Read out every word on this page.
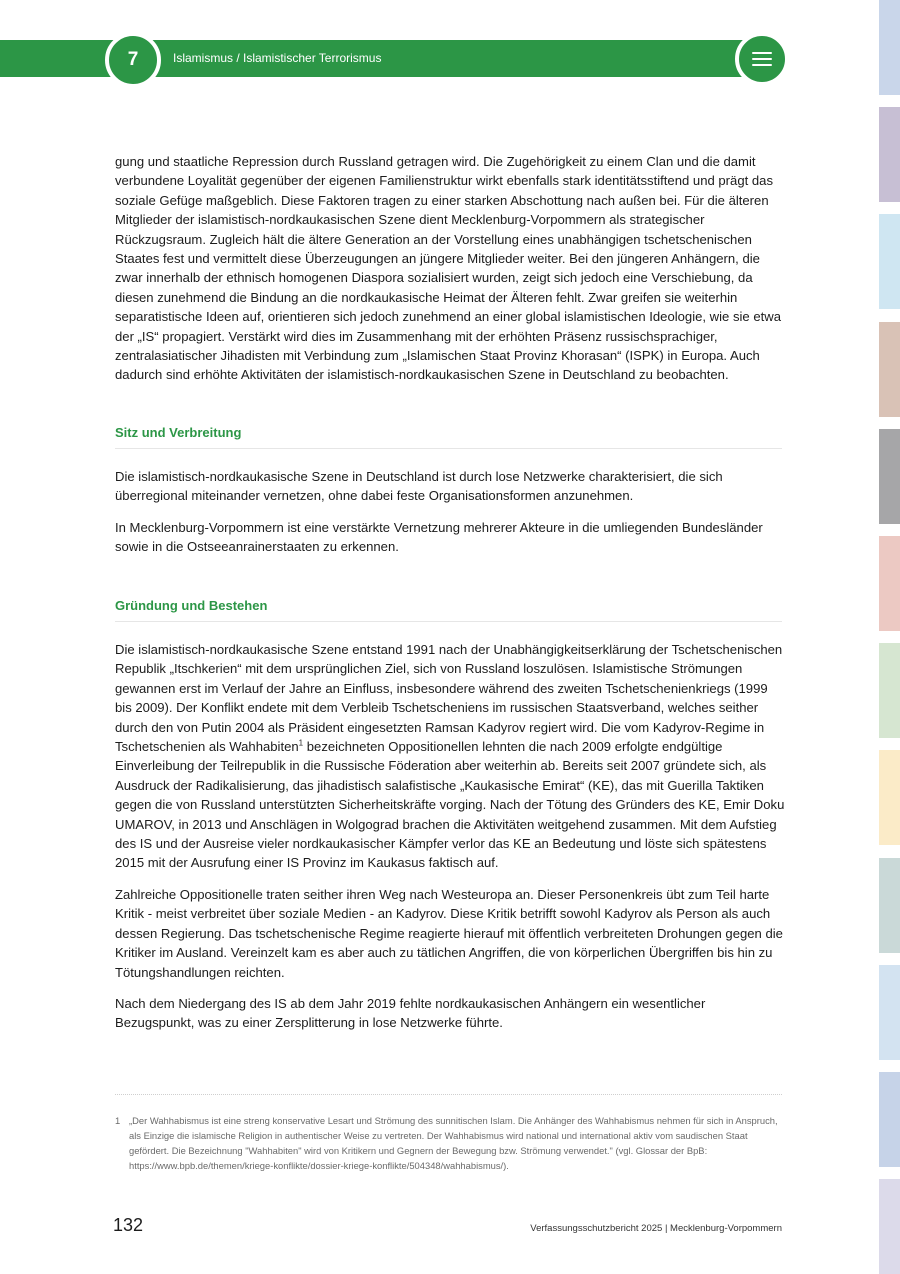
7	Islamismus / Islamistischer Terrorismus

gung und staatliche Repression durch Russland getragen wird. Die Zugehörigkeit zu einem Clan und die damit verbundene Loyalität gegenüber der eigenen Familienstruktur wirkt ebenfalls stark identitätsstiftend und prägt das soziale Gefüge maßgeblich. Diese Faktoren tragen zu einer starken Abschottung nach außen bei. Für die älteren Mitglieder der islamistisch-nordkaukasischen Szene dient Mecklenburg-Vorpommern als strategischer Rückzugsraum. Zugleich hält die ältere Generation an der Vorstellung eines unabhängigen tschetschenischen Staates fest und vermittelt diese Überzeugungen an jüngere Mitglieder weiter. Bei den jüngeren Anhängern, die zwar innerhalb der ethnisch homogenen Diaspora sozialisiert wurden, zeigt sich jedoch eine Verschiebung, da diesen zunehmend die Bindung an die nordkaukasische Heimat der Älteren fehlt. Zwar greifen sie weiterhin separatistische Ideen auf, orientieren sich jedoch zunehmend an einer global islamistischen Ideologie, wie sie etwa der „IS“ propagiert. Verstärkt wird dies im Zusammenhang mit der erhöhten Präsenz russischsprachiger, zentralasiatischer Jihadisten mit Verbindung zum „Islamischen Staat Provinz Khorasan“ (ISPK) in Europa. Auch dadurch sind erhöhte Aktivitäten der islamistisch-nordkaukasischen Szene in Deutschland zu beobachten.

Sitz und Verbreitung

Die islamistisch-nordkaukasische Szene in Deutschland ist durch lose Netzwerke charakterisiert, die sich überregional miteinander vernetzen, ohne dabei feste Organisationsformen anzunehmen.

In Mecklenburg-Vorpommern ist eine verstärkte Vernetzung mehrerer Akteure in die umliegenden Bundesländer sowie in die Ostseeanrainerstaaten zu erkennen.

Gründung und Bestehen

Die islamistisch-nordkaukasische Szene entstand 1991 nach der Unabhängigkeitserklärung der Tschetschenischen Republik „Itschkerien“ mit dem ursprünglichen Ziel, sich von Russland loszulösen. Islamistische Strömungen gewannen erst im Verlauf der Jahre an Einfluss, insbesondere während des zweiten Tschetschenienkriegs (1999 bis 2009). Der Konflikt endete mit dem Verbleib Tschetscheniens im russischen Staatsverband, welches seither durch den von Putin 2004 als Präsident eingesetzten Ramsan Kadyrov regiert wird. Die vom Kadyrov-Regime in Tschetschenien als Wahhabiten$^1$ bezeichneten Oppositionellen lehnten die nach 2009 erfolgte endgültige Einverleibung der Teilrepublik in die Russische Föderation aber weiterhin ab. Bereits seit 2007 gründete sich, als Ausdruck der Radikalisierung, das jihadistisch salafistische „Kaukasische Emirat“ (KE), das mit Guerilla Taktiken gegen die von Russland unterstützten Sicherheitskräfte vorging. Nach der Tötung des Gründers des KE, Emir Doku UMAROV, in 2013 und Anschlägen in Wolgograd brachen die Aktivitäten weitgehend zusammen. Mit dem Aufstieg des IS und der Ausreise vieler nordkaukasischer Kämpfer verlor das KE an Bedeutung und löste sich spätestens 2015 mit der Ausrufung einer IS Provinz im Kaukasus faktisch auf.

Zahlreiche Oppositionelle traten seither ihren Weg nach Westeuropa an. Dieser Personenkreis übt zum Teil harte Kritik - meist verbreitet über soziale Medien - an Kadyrov. Diese Kritik betrifft sowohl Kadyrov als Person als auch dessen Regierung. Das tschetschenische Regime reagierte hierauf mit öffentlich verbreiteten Drohungen gegen die Kritiker im Ausland. Vereinzelt kam es aber auch zu tätlichen Angriffen, die von körperlichen Übergriffen bis hin zu Tötungshandlungen reichten.

Nach dem Niedergang des IS ab dem Jahr 2019 fehlte nordkaukasischen Anhängern ein wesentlicher Bezugspunkt, was zu einer Zersplitterung in lose Netzwerke führte.

1 „Der Wahhabismus ist eine streng konservative Lesart und Strömung des sunnitischen Islam. Die Anhänger des Wahhabismus nehmen für sich in Anspruch, als Einzige die islamische Religion in authentischer Weise zu vertreten. Der Wahhabismus wird national und international aktiv vom saudischen Staat gefördert. Die Bezeichnung "Wahhabiten" wird von Kritikern und Gegnern der Bewegung bzw. Strömung verwendet." (vgl. Glossar der BpB: https://www.bpb.de/themen/kriege-konflikte/dossier-kriege-konflikte/504348/wahhabismus/).
132	Verfassungsschutzbericht 2025 | Mecklenburg-Vorpommern
